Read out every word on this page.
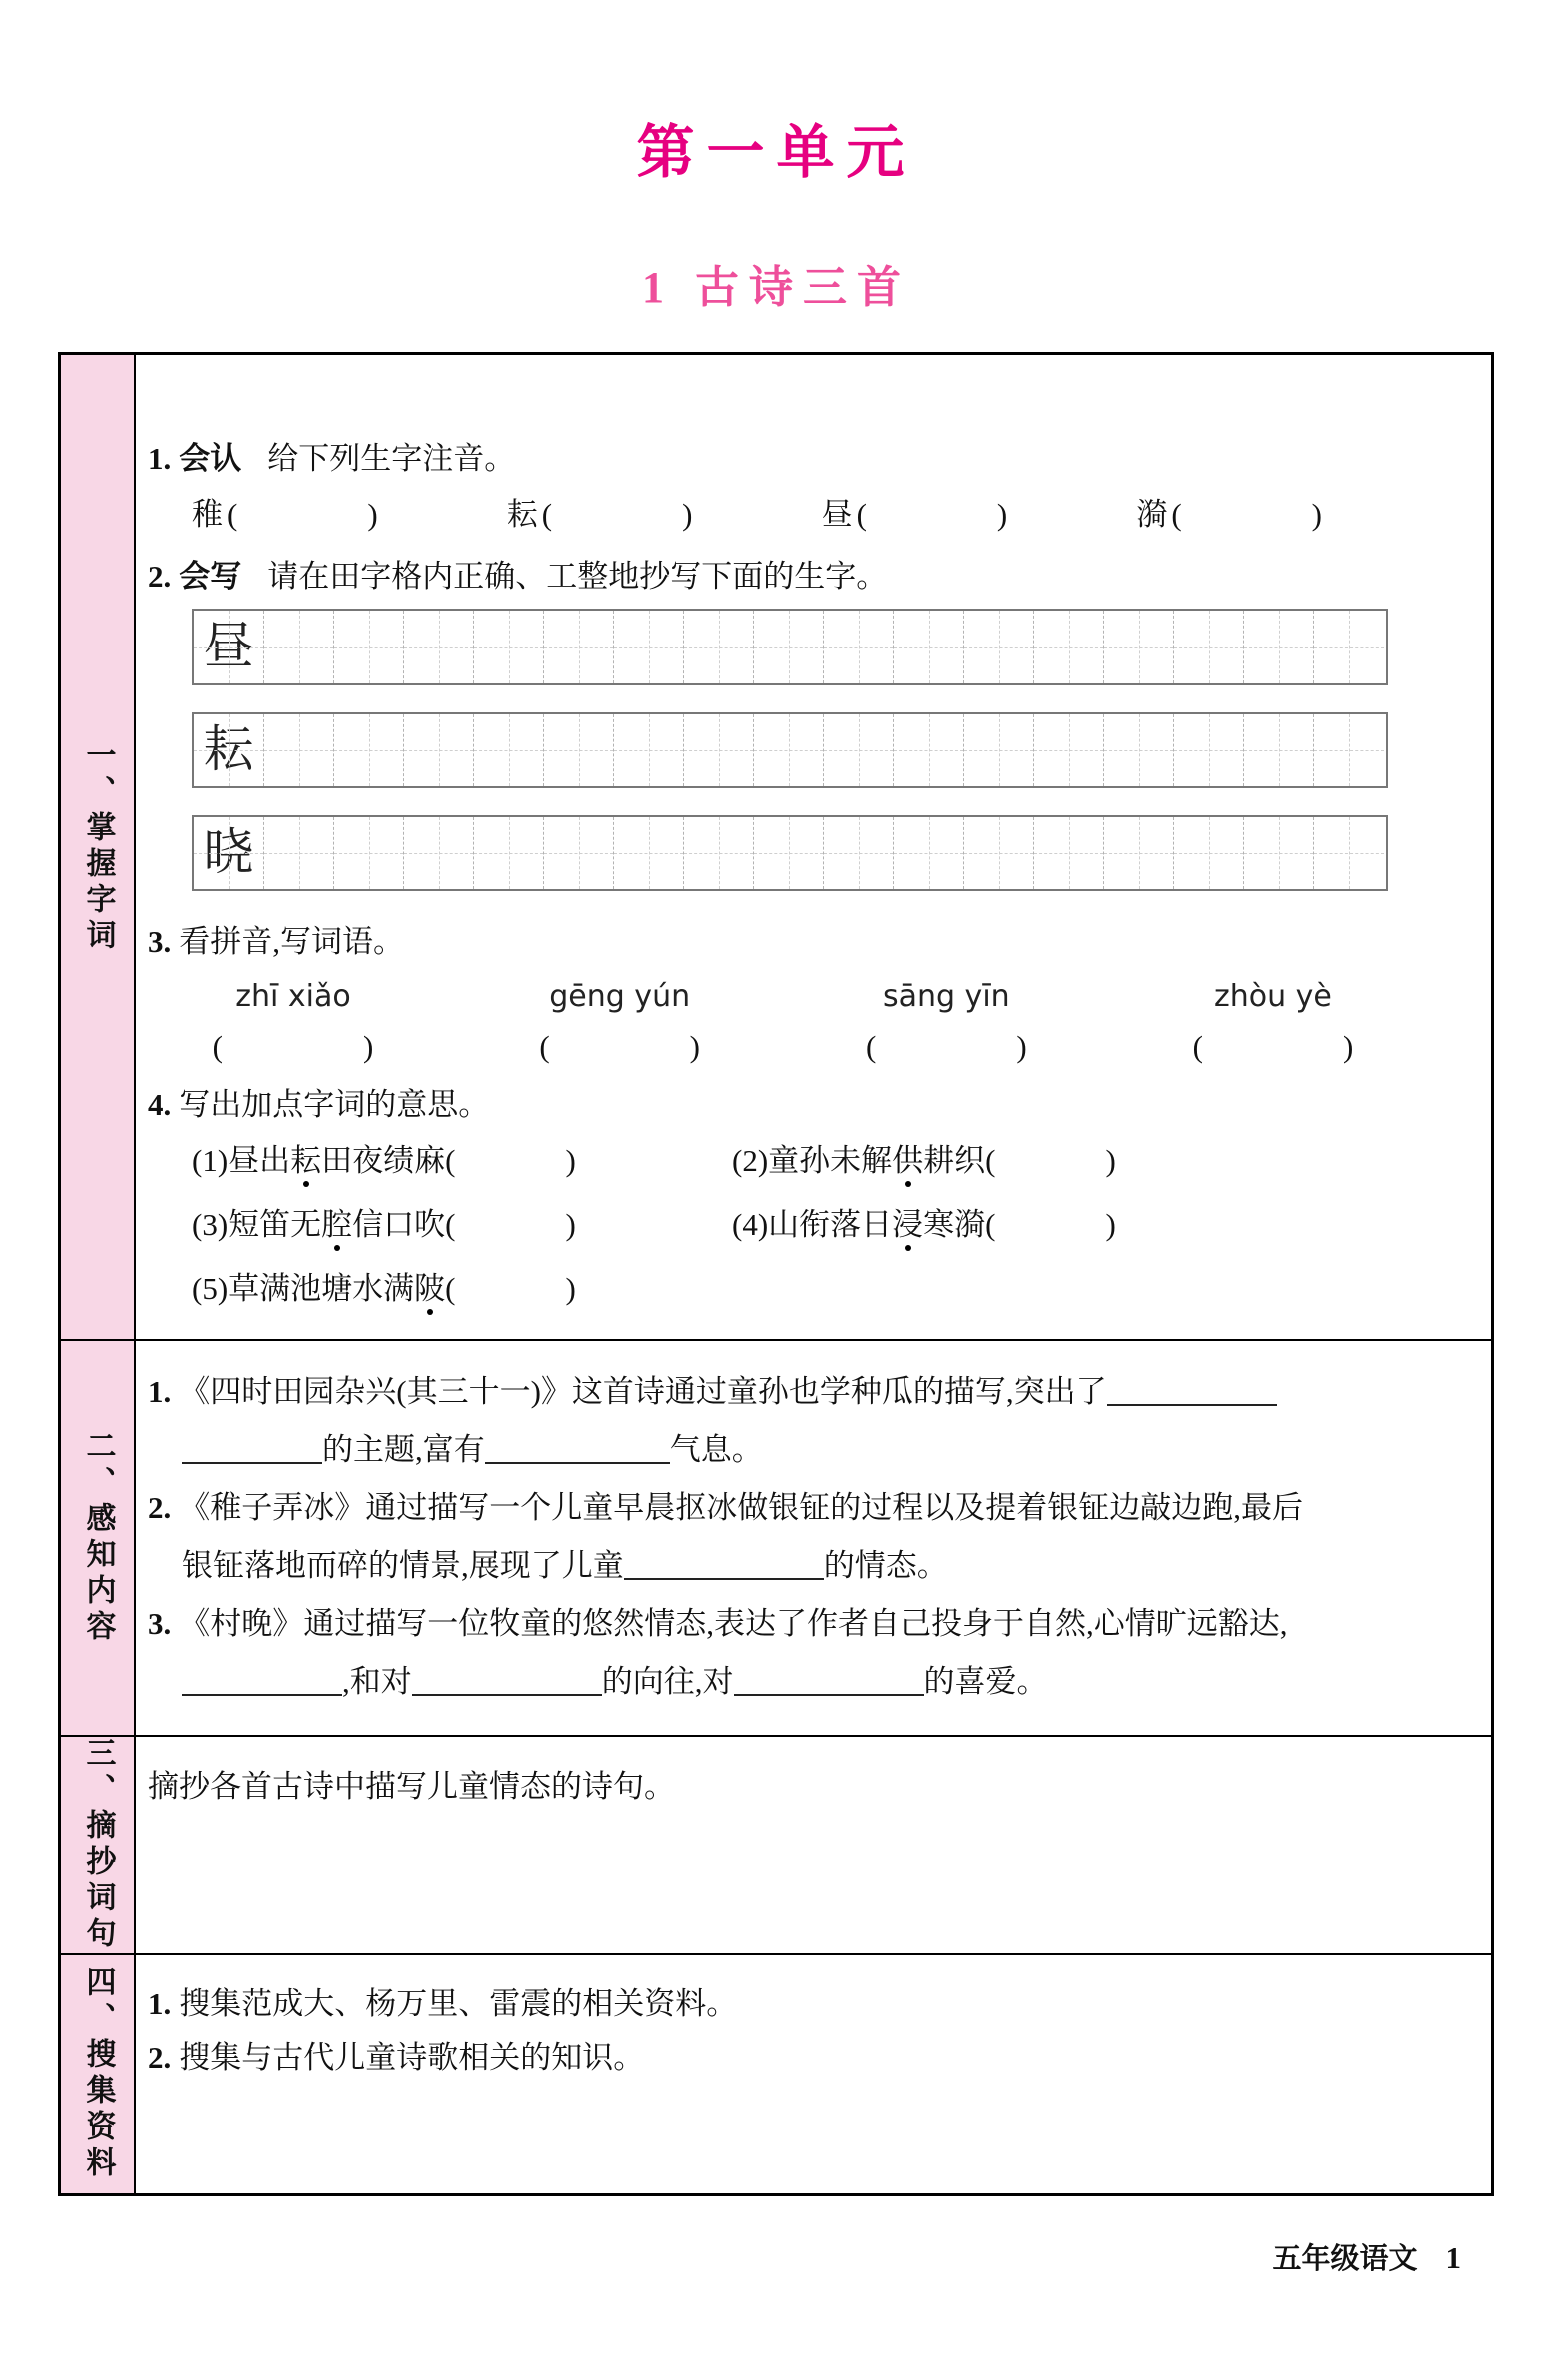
第一单元
1 古诗三首
一、掌握字词
1. 会认 给下列生字注音。
稚 (	)	耘 (	)	昼 (	)	漪 (	)
2. 会写 请在田字格内正确、工整地抄写下面的生字。
昼
耘
晓
3. 看拼音,写词语。
zhī xiǎo
(	)
gēng yún
(	)
sāng yīn
(	)
zhòu yè
(	)
4. 写出加点字词的意思。
(1)昼出耘田夜绩麻(	)	(2)童孙未解供耕织(	)
(3)短笛无腔信口吹(	)	(4)山衔落日浸寒漪(	)
(5)草满池塘水满陂(	)
二、感知内容
1. 《四时田园杂兴(其三十一)》这首诗通过童孙也学种瓜的描写,突出了
的主题,富有	气息。
2. 《稚子弄冰》通过描写一个儿童早晨抠冰做银钲的过程以及提着银钲边敲边跑,最后
银钲落地而碎的情景,展现了儿童	的情态。
3. 《村晚》通过描写一位牧童的悠然情态,表达了作者自己投身于自然,心情旷远豁达,
,和对	的向往,对	的喜爱。
三、摘抄词句 摘抄各首古诗中描写儿童情态的诗句。
四、搜集资料 1. 搜集范成大、杨万里、雷震的相关资料。
2. 搜集与古代儿童诗歌相关的知识。
五年级语文 1
